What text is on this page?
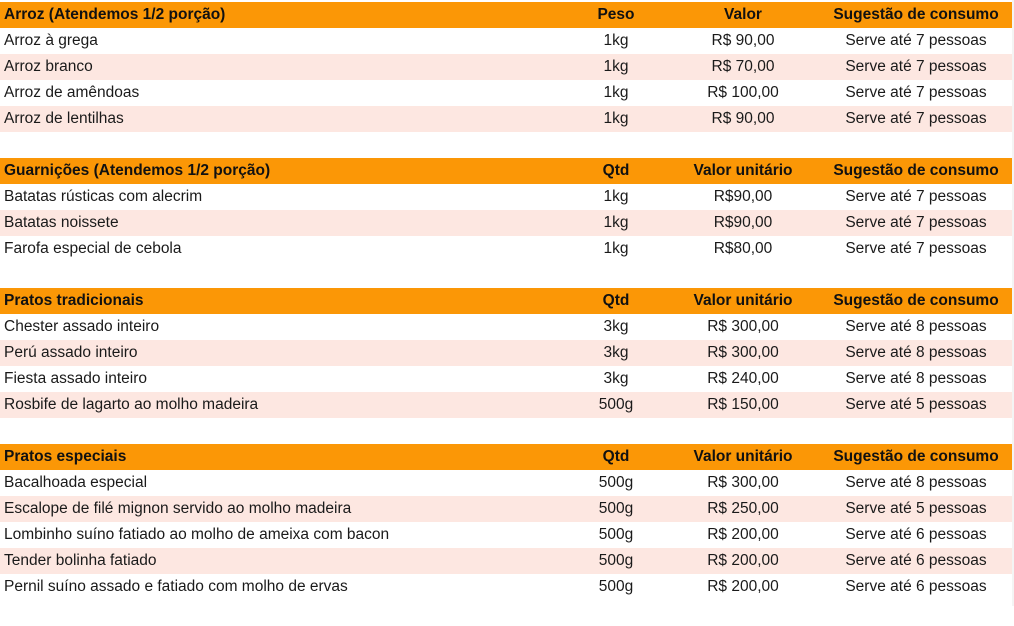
Arroz (Atendemos 1/2 porção)	Peso	Valor	Sugestão de consumo
Arroz à grega	1kg	R$ 90,00	Serve até 7 pessoas
Arroz branco	1kg	R$ 70,00	Serve até 7 pessoas
Arroz de amêndoas	1kg	R$ 100,00	Serve até 7 pessoas
Arroz de lentilhas	1kg	R$ 90,00	Serve até 7 pessoas
Guarnições (Atendemos 1/2 porção)	Qtd	Valor unitário	Sugestão de consumo
Batatas rústicas com alecrim	1kg	R$90,00	Serve até 7 pessoas
Batatas noissete	1kg	R$90,00	Serve até 7 pessoas
Farofa especial de cebola	1kg	R$80,00	Serve até 7 pessoas
Pratos tradicionais	Qtd	Valor unitário	Sugestão de consumo
Chester assado inteiro	3kg	R$ 300,00	Serve até 8 pessoas
Perú assado inteiro	3kg	R$ 300,00	Serve até 8 pessoas
Fiesta assado inteiro	3kg	R$ 240,00	Serve até 8 pessoas
Rosbife de lagarto ao molho madeira	500g	R$ 150,00	Serve até 5 pessoas
Pratos especiais	Qtd	Valor unitário	Sugestão de consumo
Bacalhoada especial	500g	R$ 300,00	Serve até 8 pessoas
Escalope de filé mignon servido ao molho madeira	500g	R$ 250,00	Serve até 5 pessoas
Lombinho suíno fatiado ao molho de ameixa com bacon	500g	R$ 200,00	Serve até 6 pessoas
Tender bolinha fatiado	500g	R$ 200,00	Serve até 6 pessoas
Pernil suíno assado e fatiado com molho de ervas	500g	R$ 200,00	Serve até 6 pessoas
